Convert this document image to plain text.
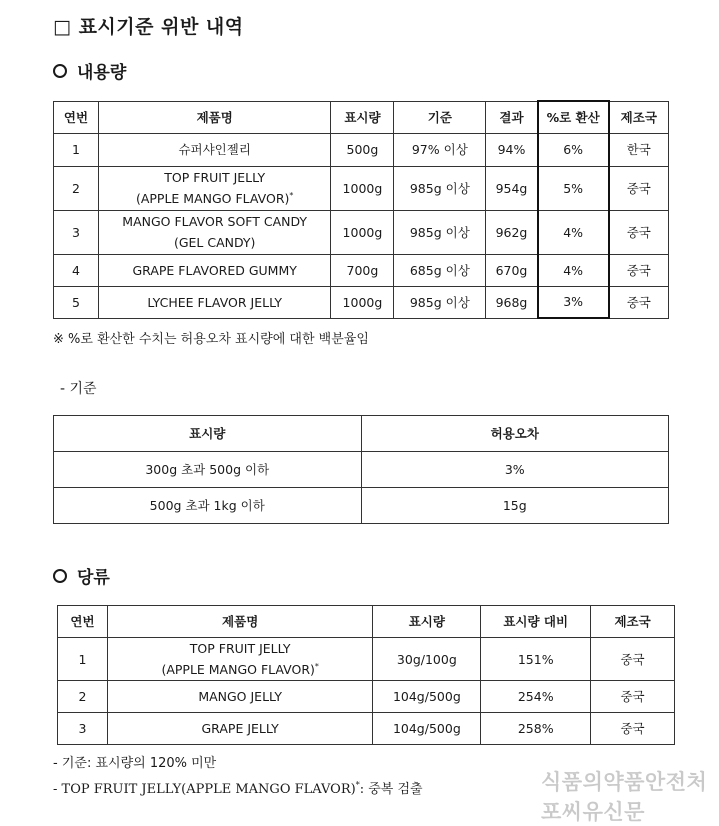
□ 표시기준 위반 내역
내용량
연번	제품명	표시량	기준	결과	%로 환산	제조국
1	슈퍼샤인젤리	500g	97% 이상	94%	6%	한국
2	TOP FRUIT JELLY
(APPLE MANGO FLAVOR)*	1000g	985g 이상	954g	5%	중국
3	MANGO FLAVOR SOFT CANDY
(GEL CANDY)	1000g	985g 이상	962g	4%	중국
4	GRAPE FLAVORED GUMMY	700g	685g 이상	670g	4%	중국
5	LYCHEE FLAVOR JELLY	1000g	985g 이상	968g	3%	중국
※ %로 환산한 수치는 허용오차 표시량에 대한 백분율임
- 기준
표시량	허용오차
300g 초과 500g 이하	3%
500g 초과 1kg 이하	15g
당류
연번	제품명	표시량	표시량 대비	제조국
1	TOP FRUIT JELLY
(APPLE MANGO FLAVOR)*	30g/100g	151%	중국
2	MANGO JELLY	104g/500g	254%	중국
3	GRAPE JELLY	104g/500g	258%	중국
- 기준: 표시량의 120% 미만
- TOP FRUIT JELLY(APPLE MANGO FLAVOR)*: 중복 검출	식품의약품안전처 포씨유신문
